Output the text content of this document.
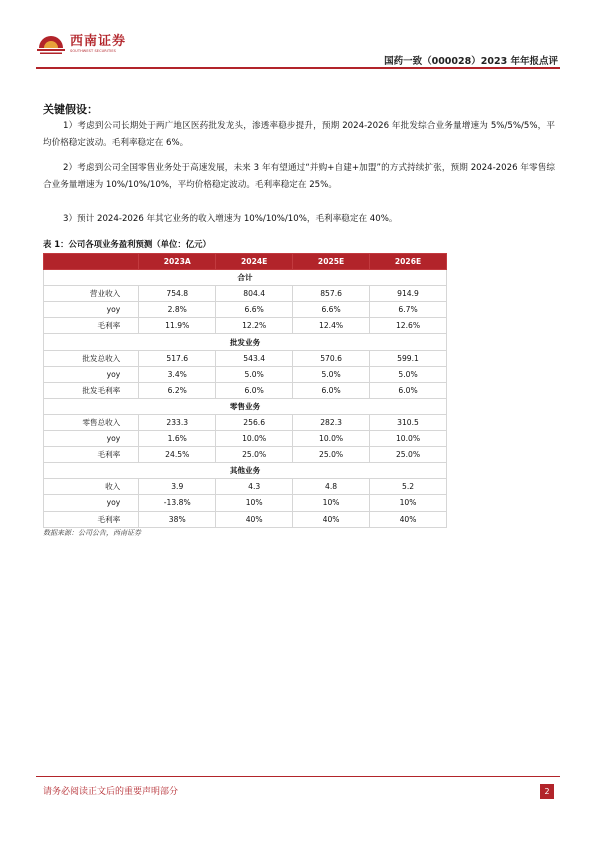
西南证券
SOUTHWEST SECURITIES
国药一致（000028）2023 年年报点评
关键假设：

1）考虑到公司长期处于两广地区医药批发龙头，渗透率稳步提升，预期 2024-2026 年批发综合业务量增速为 5%/5%/5%，平均价格稳定波动。毛利率稳定在 6%。

2）考虑到公司全国零售业务处于高速发展，未来 3 年有望通过“并购+自建+加盟”的方式持续扩张，预期 2024-2026 年零售综合业务量增速为 10%/10%/10%，平均价格稳定波动。毛利率稳定在 25%。

3）预计 2024-2026 年其它业务的收入增速为 10%/10%/10%，毛利率稳定在 40%。

表 1：公司各项业务盈利预测（单位：亿元）
	2023A	2024E	2025E	2026E
合计				
营业收入	754.8	804.4	857.6	914.9
yoy	2.8%	6.6%	6.6%	6.7%
毛利率	11.9%	12.2%	12.4%	12.6%
批发业务				
批发总收入	517.6	543.4	570.6	599.1
yoy	3.4%	5.0%	5.0%	5.0%
批发毛利率	6.2%	6.0%	6.0%	6.0%
零售业务				
零售总收入	233.3	256.6	282.3	310.5
yoy	1.6%	10.0%	10.0%	10.0%
毛利率	24.5%	25.0%	25.0%	25.0%
其他业务				
收入	3.9	4.3	4.8	5.2
yoy	-13.8%	10%	10%	10%
毛利率	38%	40%	40%	40%
数据来源：公司公告，西南证券
请务必阅读正文后的重要声明部分	2
